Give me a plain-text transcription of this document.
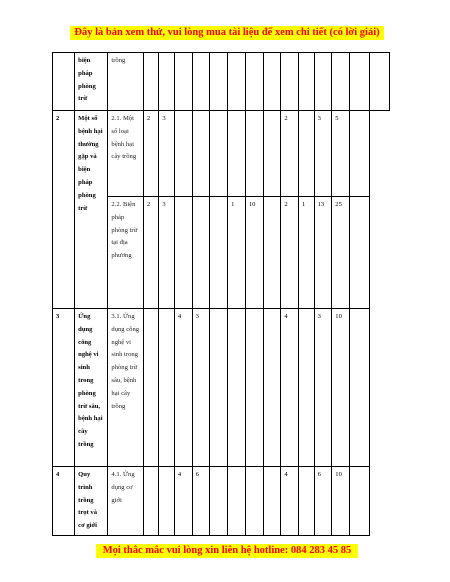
Đây là bản xem thử, vui lòng mua tài liệu để xem chi tiết (có lời giải)
	biện pháp phòng trừ	trồng														
2	Một số bệnh hại thường gặp và biện pháp phòng trừ	2.1. Một số loại bệnh hại cây trồng	2	3							2		3	5		
		2.2. Biện pháp phòng trừ tại địa phương	2	3				1	10		2	1	13	25		
3	Ứng dụng công nghệ vi sinh trong phòng trừ sâu, bệnh hại cây trồng	3.1. Ứng dụng công nghệ vi sinh trong phòng trừ sâu, bệnh hại cây trồng			4	3					4		3	10		
4	Quy trình trồng trọt và cơ giới	4.1. Ứng dụng cơ giới			4	6					4		6	10		
Mọi thắc mắc vui lòng xin liên hệ hotline: 084 283 45 85
